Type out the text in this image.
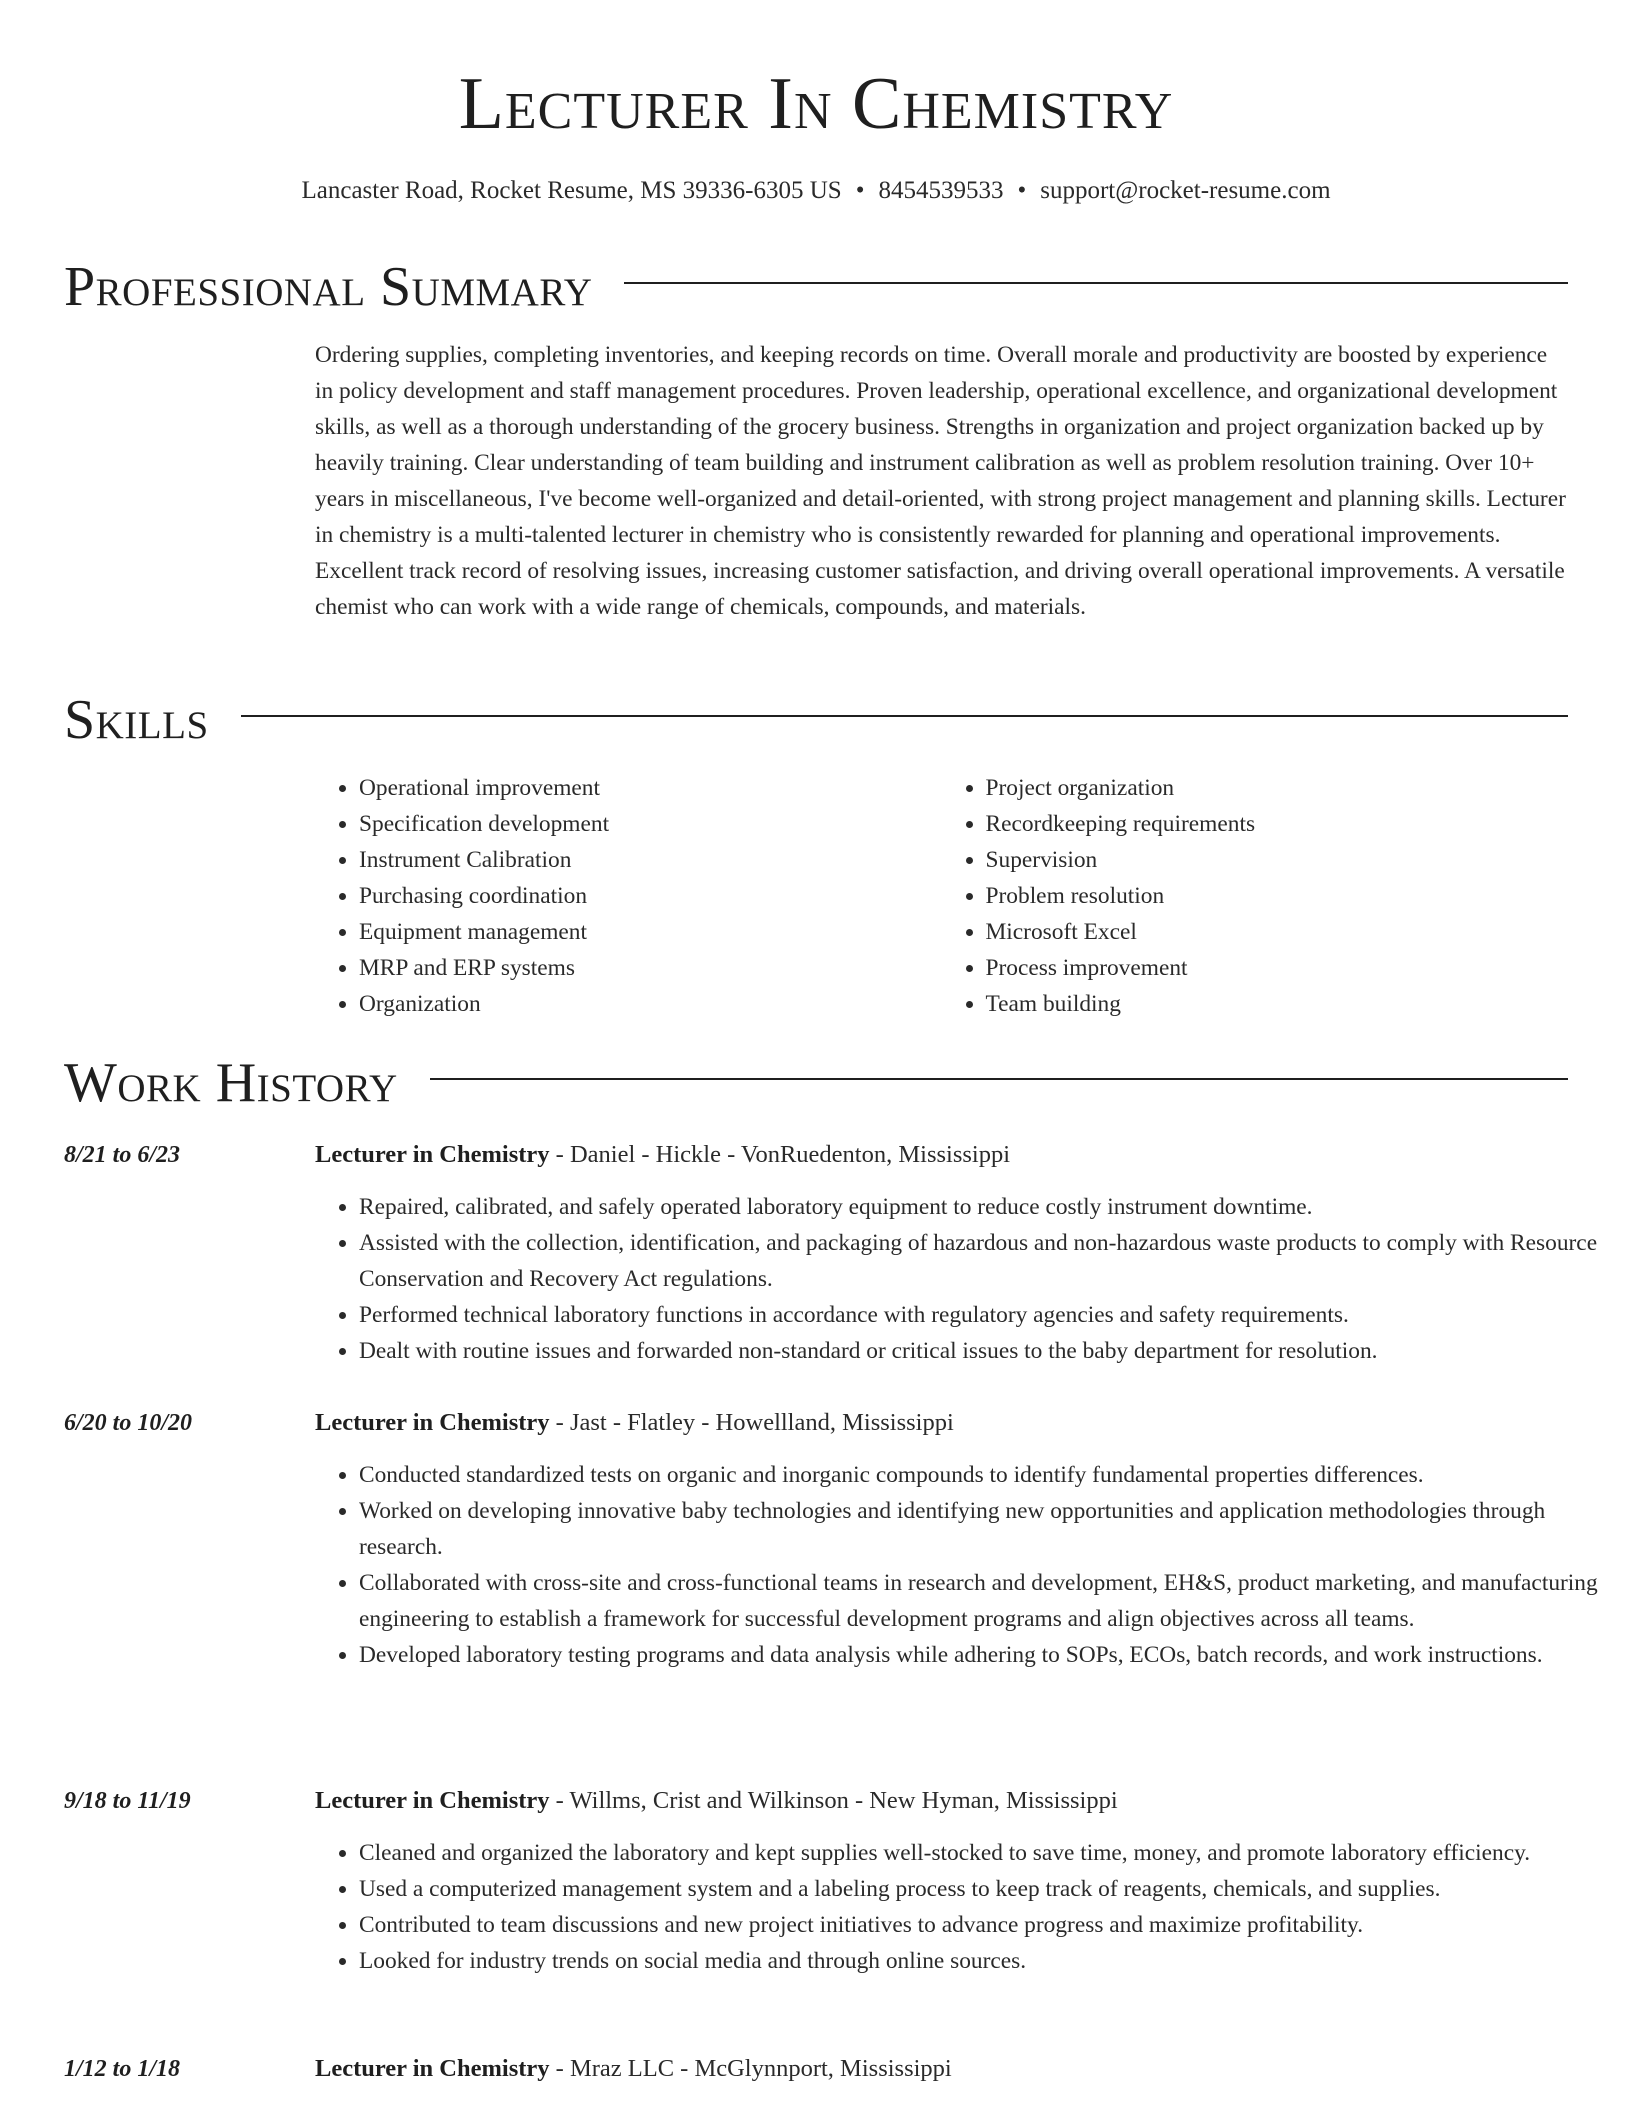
Lecturer In Chemistry
Lancaster Road, Rocket Resume, MS 39336-6305 US • 8454539533 • support@rocket-resume.com
Professional Summary

Ordering supplies, completing inventories, and keeping records on time. Overall morale and productivity are boosted by experience in policy development and staff management procedures. Proven leadership, operational excellence, and organizational development skills, as well as a thorough understanding of the grocery business. Strengths in organization and project organization backed up by heavily training. Clear understanding of team building and instrument calibration as well as problem resolution training. Over 10+ years in miscellaneous, I've become well-organized and detail-oriented, with strong project management and planning skills. Lecturer in chemistry is a multi-talented lecturer in chemistry who is consistently rewarded for planning and operational improvements. Excellent track record of resolving issues, increasing customer satisfaction, and driving overall operational improvements. A versatile chemist who can work with a wide range of chemicals, compounds, and materials.

Skills
• Operational improvement
• Specification development
• Instrument Calibration
• Purchasing coordination
• Equipment management
• MRP and ERP systems
• Organization
• Project organization
• Recordkeeping requirements
• Supervision
• Problem resolution
• Microsoft Excel
• Process improvement
• Team building
Work History
8/21 to 6/23	Lecturer in Chemistry - Daniel - Hickle - VonRuedenton, Mississippi
• Repaired, calibrated, and safely operated laboratory equipment to reduce costly instrument downtime.
• Assisted with the collection, identification, and packaging of hazardous and non-hazardous waste products to comply with Resource Conservation and Recovery Act regulations.
• Performed technical laboratory functions in accordance with regulatory agencies and safety requirements.
• Dealt with routine issues and forwarded non-standard or critical issues to the baby department for resolution.
6/20 to 10/20	Lecturer in Chemistry - Jast - Flatley - Howellland, Mississippi
• Conducted standardized tests on organic and inorganic compounds to identify fundamental properties differences.
• Worked on developing innovative baby technologies and identifying new opportunities and application methodologies through research.
• Collaborated with cross-site and cross-functional teams in research and development, EH&S, product marketing, and manufacturing engineering to establish a framework for successful development programs and align objectives across all teams.
• Developed laboratory testing programs and data analysis while adhering to SOPs, ECOs, batch records, and work instructions.
9/18 to 11/19	Lecturer in Chemistry - Willms, Crist and Wilkinson - New Hyman, Mississippi
• Cleaned and organized the laboratory and kept supplies well-stocked to save time, money, and promote laboratory efficiency.
• Used a computerized management system and a labeling process to keep track of reagents, chemicals, and supplies.
• Contributed to team discussions and new project initiatives to advance progress and maximize profitability.
• Looked for industry trends on social media and through online sources.
1/12 to 1/18	Lecturer in Chemistry - Mraz LLC - McGlynnport, Mississippi
